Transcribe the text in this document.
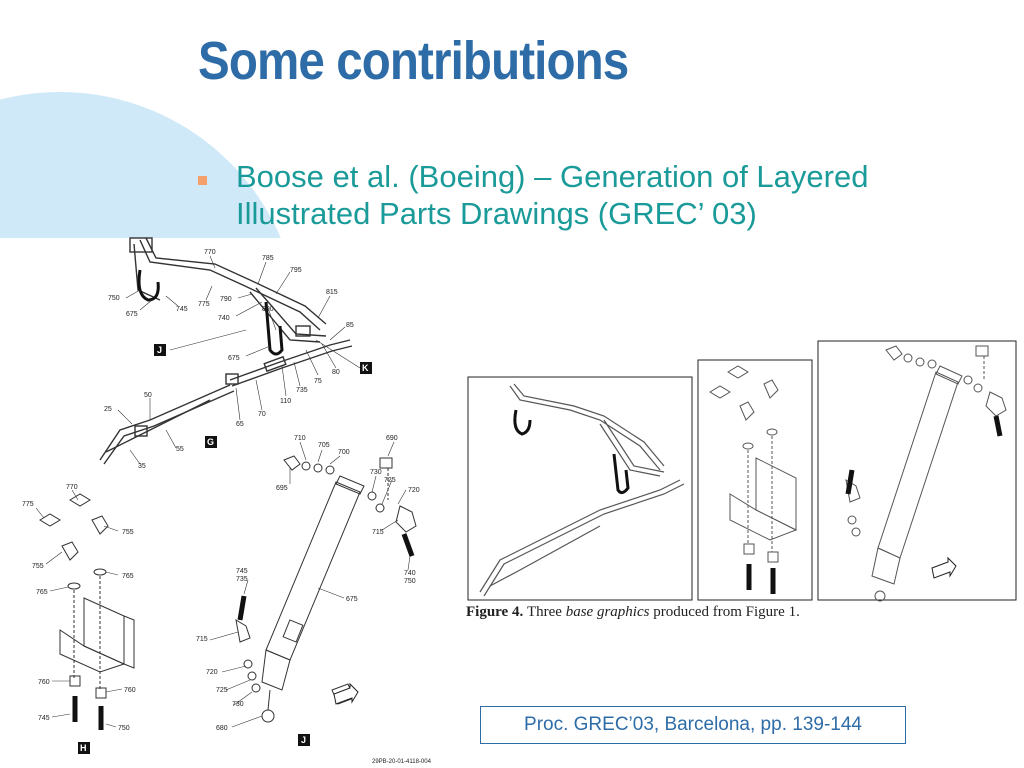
Some contributions
Boose et al. (Boeing) – Generation of Layered Illustrated Parts Drawings (GREC’ 03)
770
785
795
815
85
80
75
735
110
70
65
790
740
800
675
750
675
745
775
25
50
55
35
J
K
G
775
770
755
755
765
765
760
760
745
750
H
710
705
700
690
695
730
725
720
715
740
750
745
735
675
715
720
725
730
680
J
29PB-20-01-4118-004
Figure 4. Three base graphics produced from Figure 1.
Proc. GREC’03, Barcelona, pp. 139-144
